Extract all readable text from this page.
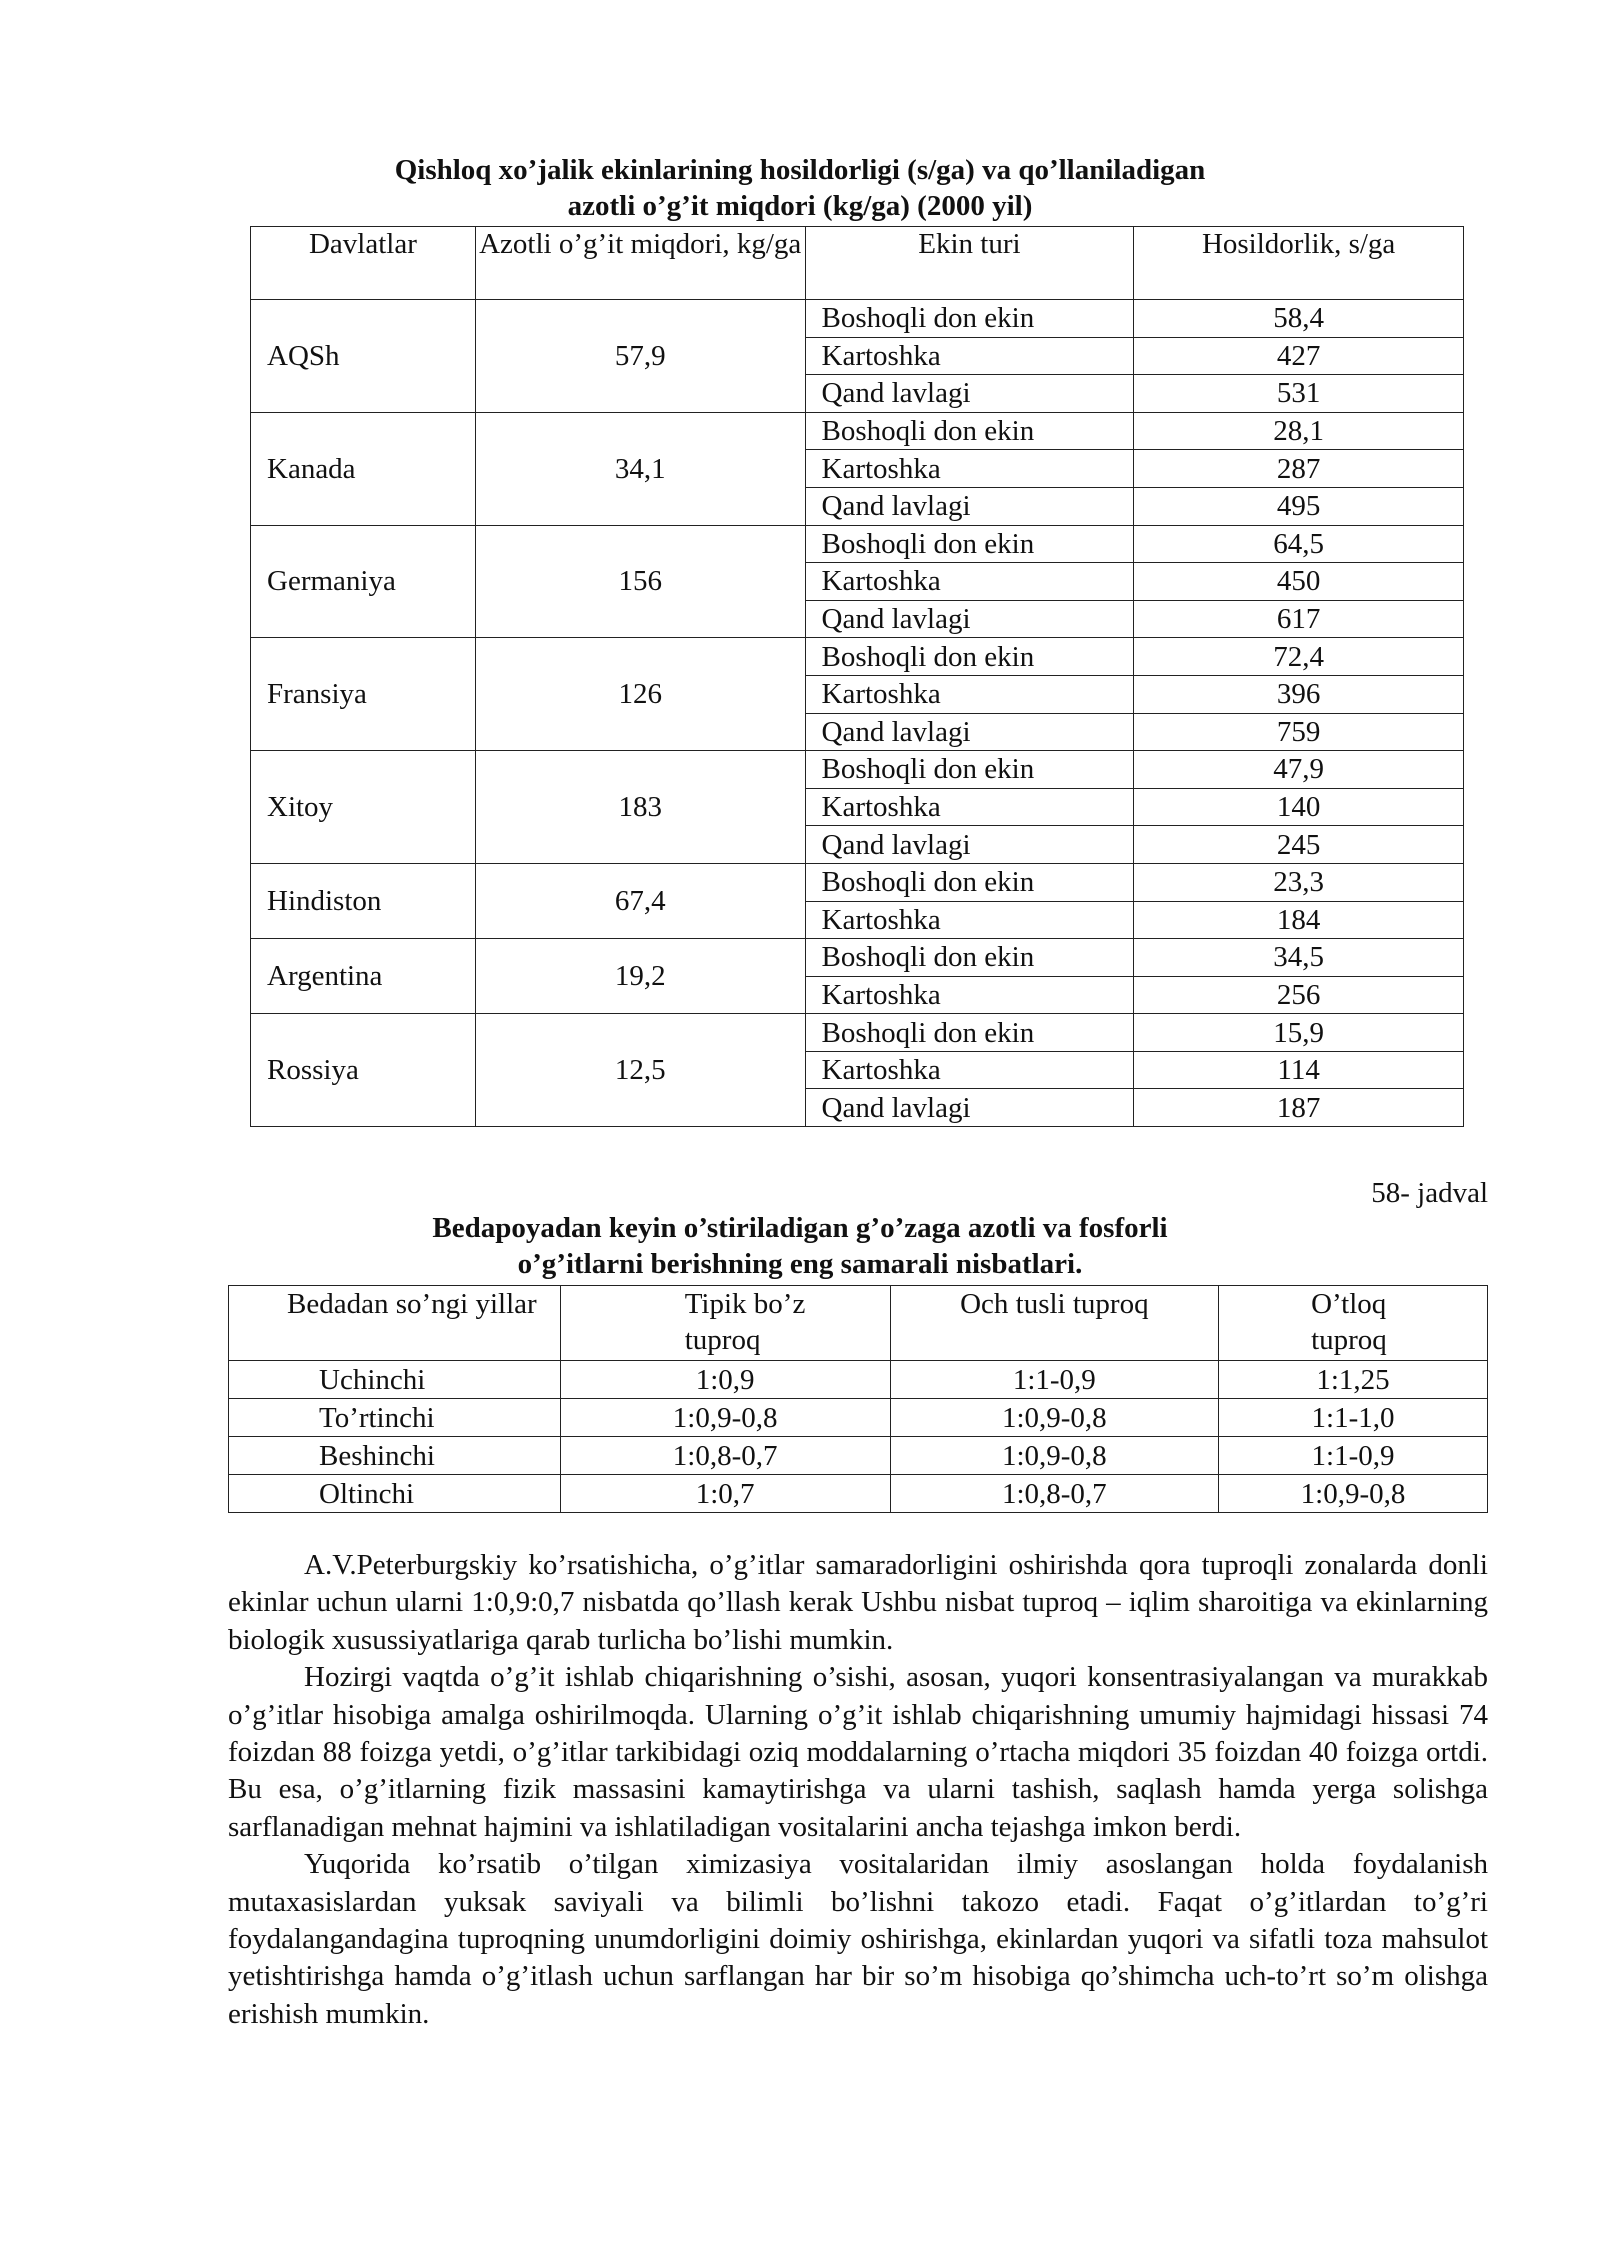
Qishloq xo’jalik ekinlarining hosildorligi (s/ga) va qo’llaniladigan
azotli o’g’it miqdori (kg/ga) (2000 yil)
Davlatlar	Azotli o’g’it miqdori, kg/ga	Ekin turi	Hosildorlik, s/ga
AQSh	57,9	Boshoqli don ekin	58,4
		Kartoshka	427
		Qand lavlagi	531
Kanada	34,1	Boshoqli don ekin	28,1
		Kartoshka	287
		Qand lavlagi	495
Germaniya	156	Boshoqli don ekin	64,5
		Kartoshka	450
		Qand lavlagi	617
Fransiya	126	Boshoqli don ekin	72,4
		Kartoshka	396
		Qand lavlagi	759
Xitoy	183	Boshoqli don ekin	47,9
		Kartoshka	140
		Qand lavlagi	245
Hindiston	67,4	Boshoqli don ekin	23,3
		Kartoshka	184
Argentina	19,2	Boshoqli don ekin	34,5
		Kartoshka	256
Rossiya	12,5	Boshoqli don ekin	15,9
		Kartoshka	114
		Qand lavlagi	187
58- jadval
Bedapoyadan keyin o’stiriladigan g’o’zaga azotli va fosforli
o’g’itlarni berishning eng samarali nisbatlari.
Bedadan so’ngi yillar	Tipik bo’z tuproq	Och tusli tuproq	O’tloq tuproq
Uchinchi	1:0,9	1:1-0,9	1:1,25
To’rtinchi	1:0,9-0,8	1:0,9-0,8	1:1-1,0
Beshinchi	1:0,8-0,7	1:0,9-0,8	1:1-0,9
Oltinchi	1:0,7	1:0,8-0,7	1:0,9-0,8

A.V.Peterburgskiy ko’rsatishicha, o’g’itlar samaradorligini oshirishda qora tuproqli zonalarda donli ekinlar uchun ularni 1:0,9:0,7 nisbatda qo’llash kerak Ushbu nisbat tuproq – iqlim sharoitiga va ekinlarning biologik xusussiyatlariga qarab turlicha bo’lishi mumkin.

Hozirgi vaqtda o’g’it ishlab chiqarishning o’sishi, asosan, yuqori konsentrasiyalangan va murakkab o’g’itlar hisobiga amalga oshirilmoqda. Ularning o’g’it ishlab chiqarishning umumiy hajmidagi hissasi 74 foizdan 88 foizga yetdi, o’g’itlar tarkibidagi oziq moddalarning o’rtacha miqdori 35 foizdan 40 foizga ortdi. Bu esa, o’g’itlarning fizik massasini kamaytirishga va ularni tashish, saqlash hamda yerga solishga sarflanadigan mehnat hajmini va ishlatiladigan vositalarini ancha tejashga imkon berdi.

Yuqorida ko’rsatib o’tilgan ximizasiya vositalaridan ilmiy asoslangan holda foydalanish mutaxasislardan yuksak saviyali va bilimli bo’lishni takozo etadi. Faqat o’g’itlardan to’g’ri foydalangandagina tuproqning unumdorligini doimiy oshirishga, ekinlardan yuqori va sifatli toza mahsulot yetishtirishga hamda o’g’itlash uchun sarflangan har bir so’m hisobiga qo’shimcha uch-to’rt so’m olishga erishish mumkin.
